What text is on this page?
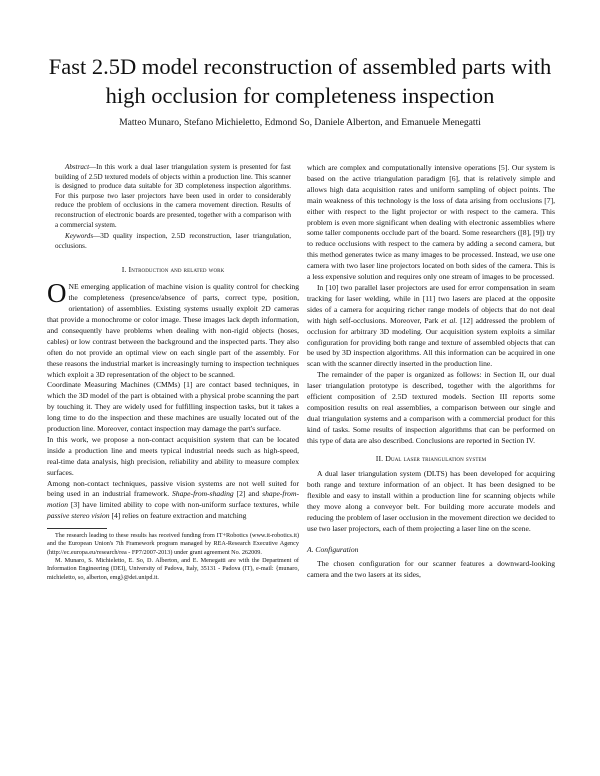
Fast 2.5D model reconstruction of assembled parts with high occlusion for completeness inspection

Matteo Munaro, Stefano Michieletto, Edmond So, Daniele Alberton, and Emanuele Menegatti

Abstract—In this work a dual laser triangulation system is presented for fast building of 2.5D textured models of objects within a production line. This scanner is designed to produce data suitable for 3D completeness inspection algorithms. For this purpose two laser projectors have been used in order to considerably reduce the problem of occlusions in the camera movement direction. Results of reconstruction of electronic boards are presented, together with a comparison with a commercial system.

Keywords—3D quality inspection, 2.5D reconstruction, laser triangulation, occlusions.

I. Introduction and related work

ONE emerging application of machine vision is quality control for checking the completeness (presence/absence of parts, correct type, position, orientation) of assemblies. Existing systems usually exploit 2D cameras that provide a monochrome or color image. These images lack depth information, and consequently have problems when dealing with non-rigid objects (hoses, cables) or low contrast between the background and the inspected parts. They also often do not provide an optimal view on each single part of the assembly. For these reasons the industrial market is increasingly turning to inspection techniques which exploit a 3D representation of the object to be scanned.

Coordinate Measuring Machines (CMMs) [1] are contact based techniques, in which the 3D model of the part is obtained with a physical probe scanning the part by touching it. They are widely used for fulfilling inspection tasks, but it takes a long time to do the inspection and these machines are usually located out of the production line. Moreover, contact inspection may damage the part's surface.

In this work, we propose a non-contact acquisition system that can be located inside a production line and meets typical industrial needs such as high-speed, real-time data analysis, high precision, reliability and ability to measure complex surfaces.

Among non-contact techniques, passive vision systems are not well suited for being used in an industrial framework. Shape-from-shading [2] and shape-from-motion [3] have limited ability to cope with non-uniform surface textures, while passive stereo vision [4] relies on feature extraction and matching

The research leading to these results has received funding from IT+Robotics (www.it-robotics.it) and the European Union's 7th Framework program managed by REA-Research Executive Agency (http://ec.europa.eu/research/rea - FP7/2007-2013) under grant agreement No. 262009.

M. Munaro, S. Michieletto, E. So, D. Alberton, and E. Menegatti are with the Department of Information Engineering (DEI), University of Padova, Italy, 35131 - Padova (IT), e-mail: {munaro, michieletto, so, alberton, emg}@dei.unipd.it.

which are complex and computationally intensive operations [5]. Our system is based on the active triangulation paradigm [6], that is relatively simple and allows high data acquisition rates and uniform sampling of object points. The main weakness of this technology is the loss of data arising from occlusions [7], either with respect to the light projector or with respect to the camera. This problem is even more significant when dealing with electronic assemblies where some taller components occlude part of the board. Some researchers ([8], [9]) try to reduce occlusions with respect to the camera by adding a second camera, but this method generates twice as many images to be processed. Instead, we use one camera with two laser line projectors located on both sides of the camera. This is a less expensive solution and requires only one stream of images to be processed.

In [10] two parallel laser projectors are used for error compensation in seam tracking for laser welding, while in [11] two lasers are placed at the opposite sides of a camera for acquiring richer range models of objects that do not deal with high self-occlusions. Moreover, Park et al. [12] addressed the problem of occlusion for arbitrary 3D modeling. Our acquisition system exploits a similar configuration for providing both range and texture of assembled objects that can be used by 3D inspection algorithms. All this information can be acquired in one scan with the scanner directly inserted in the production line.

The remainder of the paper is organized as follows: in Section II, our dual laser triangulation prototype is described, together with the algorithms for efficient composition of 2.5D textured models. Section III reports some composition results on real assemblies, a comparison between our single and dual triangulation systems and a comparison with a commercial product for this kind of tasks. Some results of inspection algorithms that can be performed on this type of data are also described. Conclusions are reported in Section IV.

II. Dual laser triangulation system

A dual laser triangulation system (DLTS) has been developed for acquiring both range and texture information of an object. It has been designed to be flexible and easy to install within a production line for scanning objects while they move along a conveyor belt. For building more accurate models and reducing the problem of laser occlusion in the movement direction we decided to use two laser projectors, each of them projecting a laser line on the scene.

A. Configuration

The chosen configuration for our scanner features a downward-looking camera and the two lasers at its sides,
